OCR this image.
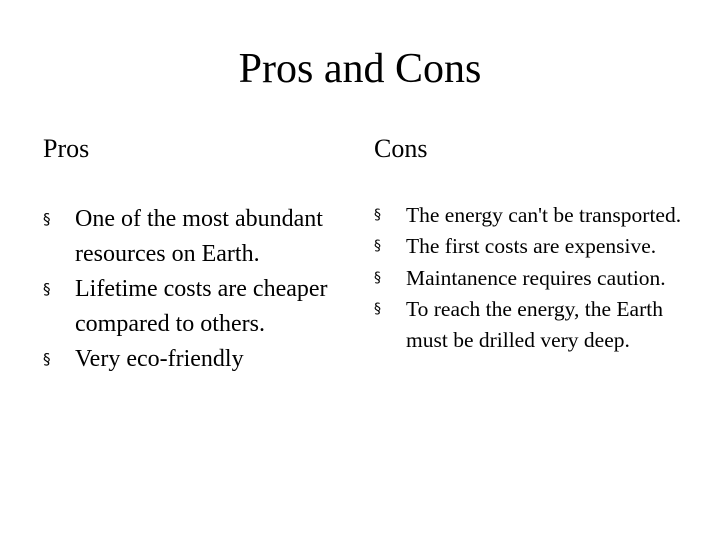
Pros and Cons
Pros	Cons
§ One of the most abundant resources on Earth.
§ Lifetime costs are cheaper compared to others.
§ Very eco-friendly
§ The energy can't be transported.
§ The first costs are expensive.
§ Maintanence requires caution.
§ To reach the energy, the Earth must be drilled very deep.
